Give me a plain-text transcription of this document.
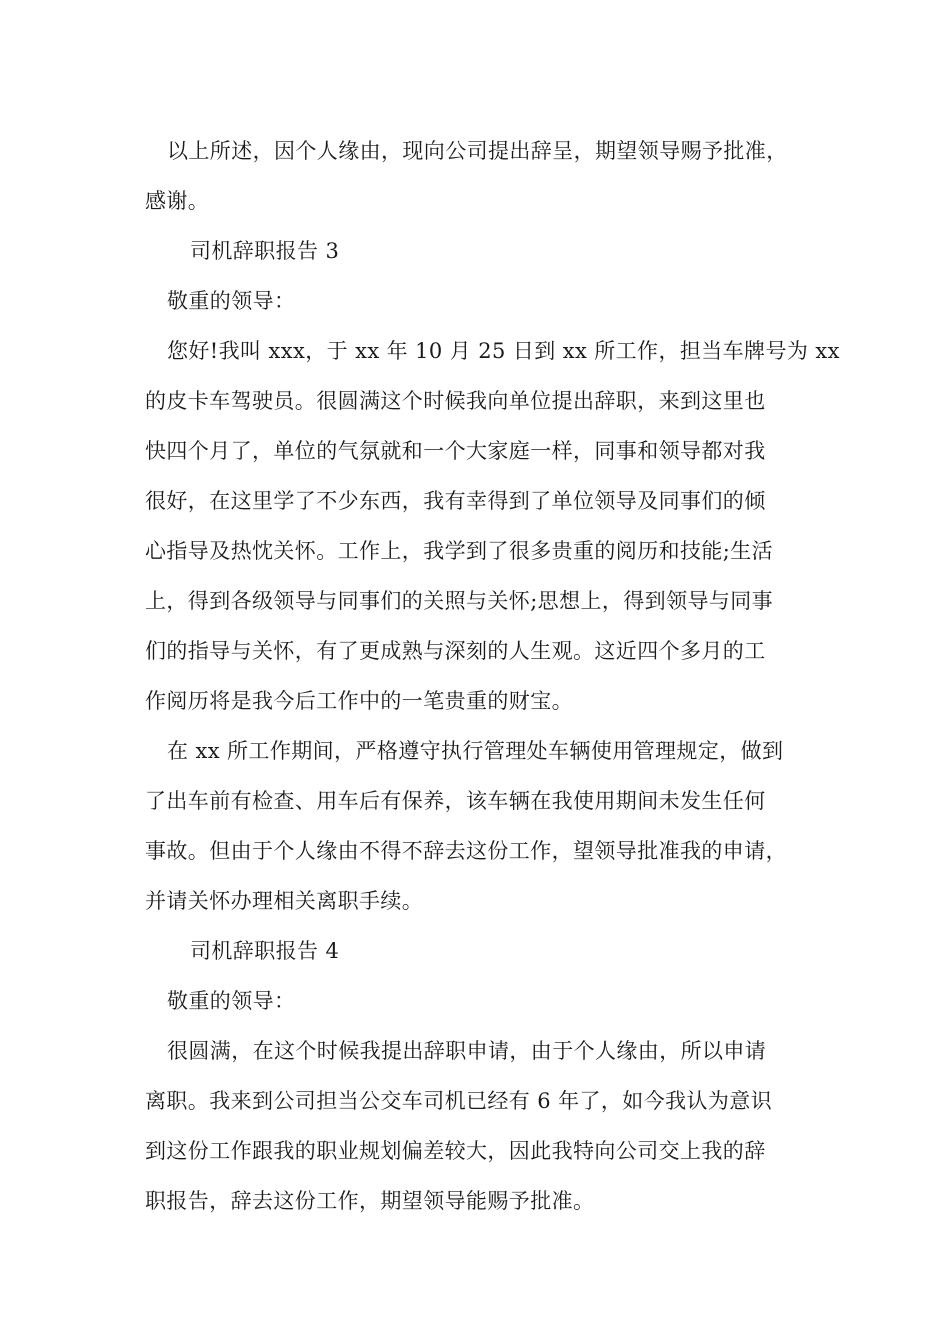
以上所述，因个人缘由，现向公司提出辞呈，期望领导赐予批准，
感谢。
司机辞职报告 3
敬重的领导：
您好!我叫 xxx，于 xx 年 10 月 25 日到 xx 所工作，担当车牌号为 xx
的皮卡车驾驶员。很圆满这个时候我向单位提出辞职，来到这里也
快四个月了，单位的气氛就和一个大家庭一样，同事和领导都对我
很好，在这里学了不少东西，我有幸得到了单位领导及同事们的倾
心指导及热忱关怀。工作上，我学到了很多贵重的阅历和技能;生活
上，得到各级领导与同事们的关照与关怀;思想上，得到领导与同事
们的指导与关怀，有了更成熟与深刻的人生观。这近四个多月的工
作阅历将是我今后工作中的一笔贵重的财宝。
在 xx 所工作期间，严格遵守执行管理处车辆使用管理规定，做到
了出车前有检查、用车后有保养，该车辆在我使用期间未发生任何
事故。但由于个人缘由不得不辞去这份工作，望领导批准我的申请，
并请关怀办理相关离职手续。
司机辞职报告 4
敬重的领导：
很圆满，在这个时候我提出辞职申请，由于个人缘由，所以申请
离职。我来到公司担当公交车司机已经有 6 年了，如今我认为意识
到这份工作跟我的职业规划偏差较大，因此我特向公司交上我的辞
职报告，辞去这份工作，期望领导能赐予批准。
